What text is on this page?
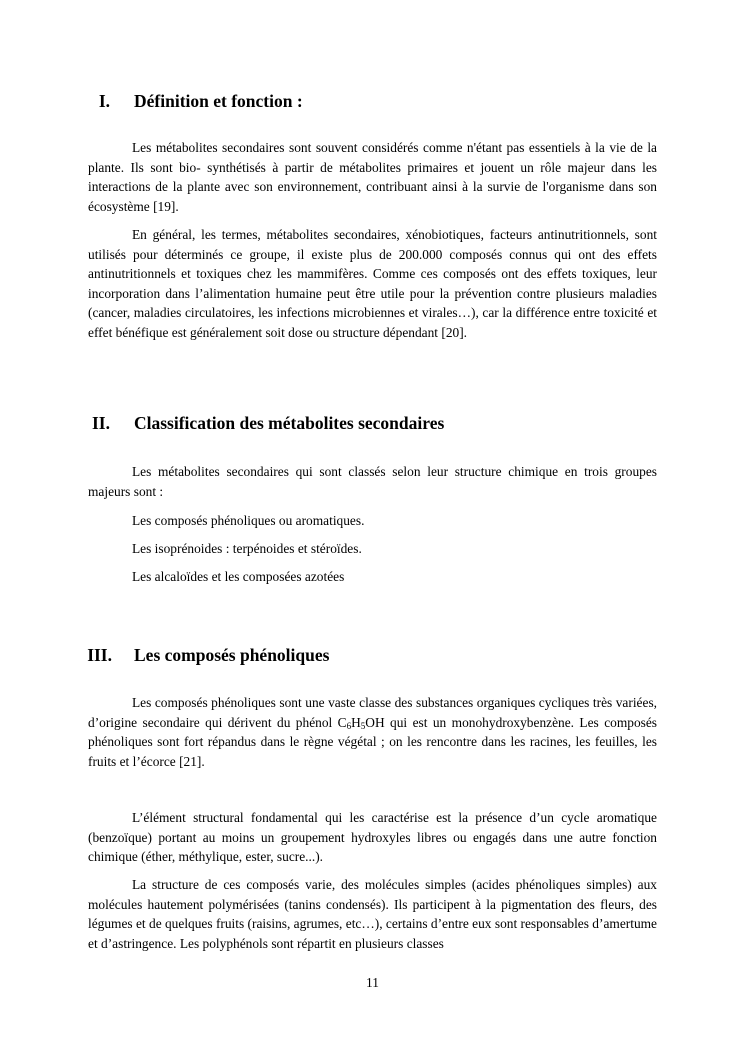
I. Définition et fonction :

Les métabolites secondaires sont souvent considérés comme n'étant pas essentiels à la vie de la plante. Ils sont bio- synthétisés à partir de métabolites primaires et jouent un rôle majeur dans les interactions de la plante avec son environnement, contribuant ainsi à la survie de l'organisme dans son écosystème [19].

En général, les termes, métabolites secondaires, xénobiotiques, facteurs antinutritionnels, sont utilisés pour déterminés ce groupe, il existe plus de 200.000 composés connus qui ont des effets antinutritionnels et toxiques chez les mammifères. Comme ces composés ont des effets toxiques, leur incorporation dans l’alimentation humaine peut être utile pour la prévention contre plusieurs maladies (cancer, maladies circulatoires, les infections microbiennes et virales…), car la différence entre toxicité et effet bénéfique est généralement soit dose ou structure dépendant [20].

II. Classification des métabolites secondaires

Les métabolites secondaires qui sont classés selon leur structure chimique en trois groupes majeurs sont :

Les composés phénoliques ou aromatiques.
Les isoprénoides : terpénoides et stéroïdes.
Les alcaloïdes et les composées azotées
III. Les composés phénoliques

Les composés phénoliques sont une vaste classe des substances organiques cycliques très variées, d’origine secondaire qui dérivent du phénol $C_6H_5OH$ qui est un monohydroxybenzène. Les composés phénoliques sont fort répandus dans le règne végétal ; on les rencontre dans les racines, les feuilles, les fruits et l’écorce [21].

L’élément structural fondamental qui les caractérise est la présence d’un cycle aromatique (benzoïque) portant au moins un groupement hydroxyles libres ou engagés dans une autre fonction chimique (éther, méthylique, ester, sucre...).

La structure de ces composés varie, des molécules simples (acides phénoliques simples) aux molécules hautement polymérisées (tanins condensés). Ils participent à la pigmentation des fleurs, des légumes et de quelques fruits (raisins, agrumes, etc…), certains d’entre eux sont responsables d’amertume et d’astringence. Les polyphénols sont répartit en plusieurs classes

11
